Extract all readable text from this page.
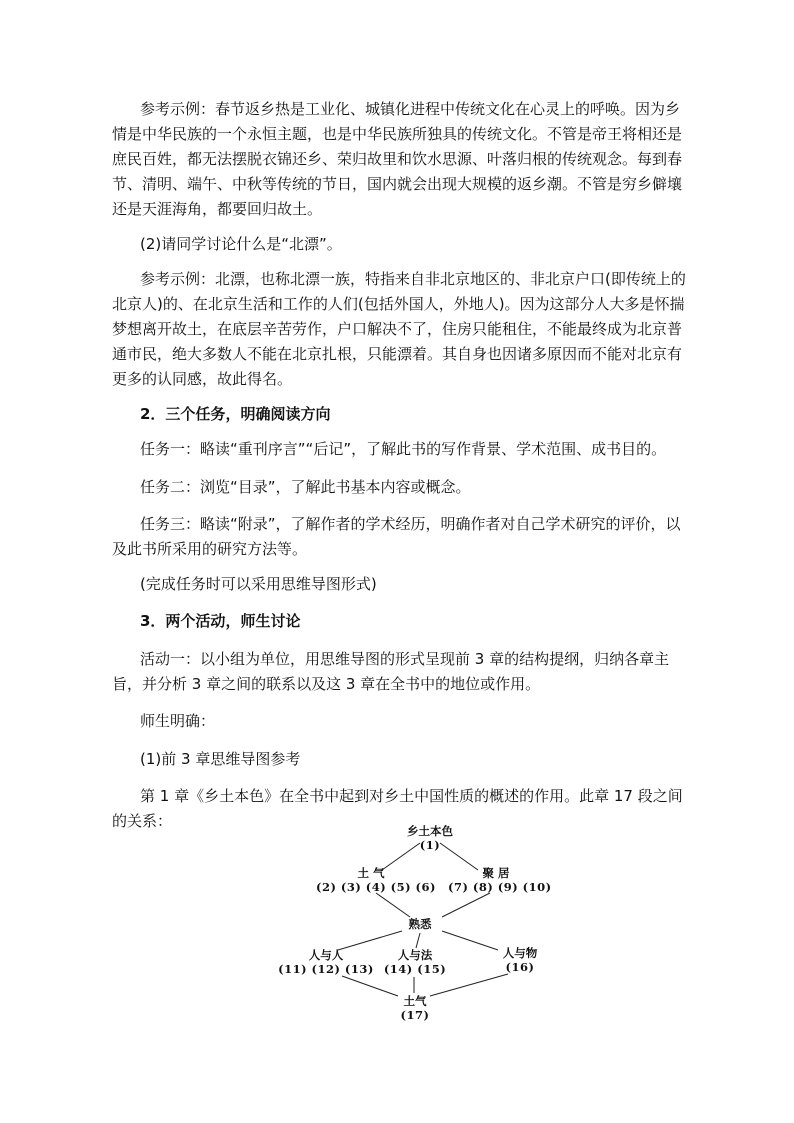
参考示例：春节返乡热是工业化、城镇化进程中传统文化在心灵上的呼唤。因为乡情是中华民族的一个永恒主题，也是中华民族所独具的传统文化。不管是帝王将相还是庶民百姓，都无法摆脱衣锦还乡、荣归故里和饮水思源、叶落归根的传统观念。每到春节、清明、端午、中秋等传统的节日，国内就会出现大规模的返乡潮。不管是穷乡僻壤还是天涯海角，都要回归故土。

(2)请同学讨论什么是“北漂”。

参考示例：北漂，也称北漂一族，特指来自非北京地区的、非北京户口(即传统上的北京人)的、在北京生活和工作的人们(包括外国人，外地人)。因为这部分人大多是怀揣梦想离开故土，在底层辛苦劳作，户口解决不了，住房只能租住，不能最终成为北京普通市民，绝大多数人不能在北京扎根，只能漂着。其自身也因诸多原因而不能对北京有更多的认同感，故此得名。

2．三个任务，明确阅读方向

任务一：略读“重刊序言”“后记”，了解此书的写作背景、学术范围、成书目的。

任务二：浏览“目录”，了解此书基本内容或概念。

任务三：略读“附录”，了解作者的学术经历，明确作者对自己学术研究的评价，以及此书所采用的研究方法等。

(完成任务时可以采用思维导图形式)

3．两个活动，师生讨论

活动一：以小组为单位，用思维导图的形式呈现前 3 章的结构提纲，归纳各章主旨，并分析 3 章之间的联系以及这 3 章在全书中的地位或作用。

师生明确：

(1)前 3 章思维导图参考

第 1 章《乡土本色》在全书中起到对乡土中国性质的概述的作用。此章 17 段之间的关系：

乡土本色
(1)
土 气
(2) (3) (4) (5) (6)
聚 居
(7) (8) (9) (10)
熟悉
人与人
(11) (12) (13)
人与法
(14) (15)
人与物
(16)
土气
(17)
